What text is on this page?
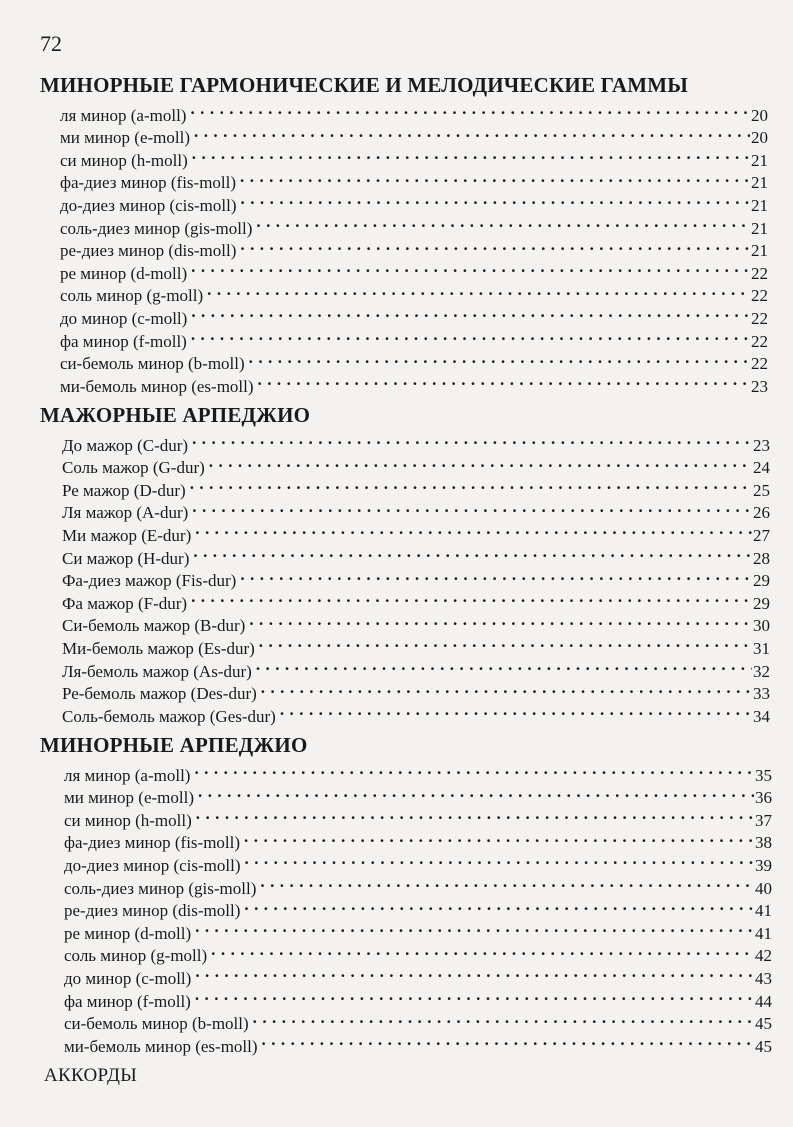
72
МИНОРНЫЕ ГАРМОНИЧЕСКИЕ И МЕЛОДИЧЕСКИЕ ГАММЫ
ля минор (a-moll) . . .	20
ми минор (e-moll) . . .	20
си минор (h-moll) . . .	21
фа-диез минор (fis-moll) . . .	21
до-диез минор (cis-moll) . . .	21
соль-диез минор (gis-moll) . . .	21
ре-диез минор (dis-moll) . . .	21
ре минор (d-moll) . . .	22
соль минор (g-moll) . . .	22
до минор (c-moll) . . .	22
фа минор (f-moll) . . .	22
си-бемоль минор (b-moll) . . .	22
ми-бемоль минор (es-moll) . . .	23
МАЖОРНЫЕ АРПЕДЖИО
До мажор (C-dur) . . .	23
Соль мажор (G-dur) . . .	24
Ре мажор (D-dur) . . .	25
Ля мажор (A-dur) . . .	26
Ми мажор (E-dur) . . .	27
Си мажор (H-dur) . . .	28
Фа-диез мажор (Fis-dur) . . .	29
Фа мажор (F-dur) . . .	29
Си-бемоль мажор (B-dur) . . .	30
Ми-бемоль мажор (Es-dur) . . .	31
Ля-бемоль мажор (As-dur) . . .	32
Ре-бемоль мажор (Des-dur) . . .	33
Соль-бемоль мажор (Ges-dur) . . .	34
МИНОРНЫЕ АРПЕДЖИО
ля минор (a-moll) . . .	35
ми минор (e-moll) . . .	36
си минор (h-moll) . . .	37
фа-диез минор (fis-moll) . . .	38
до-диез минор (cis-moll) . . .	39
соль-диез минор (gis-moll) . . .	40
ре-диез минор (dis-moll) . . .	41
ре минор (d-moll) . . .	41
соль минор (g-moll) . . .	42
до минор (c-moll) . . .	43
фа минор (f-moll) . . .	44
си-бемоль минор (b-moll) . . .	45
ми-бемоль минор (es-moll) . . .	45
АККОРДЫ
